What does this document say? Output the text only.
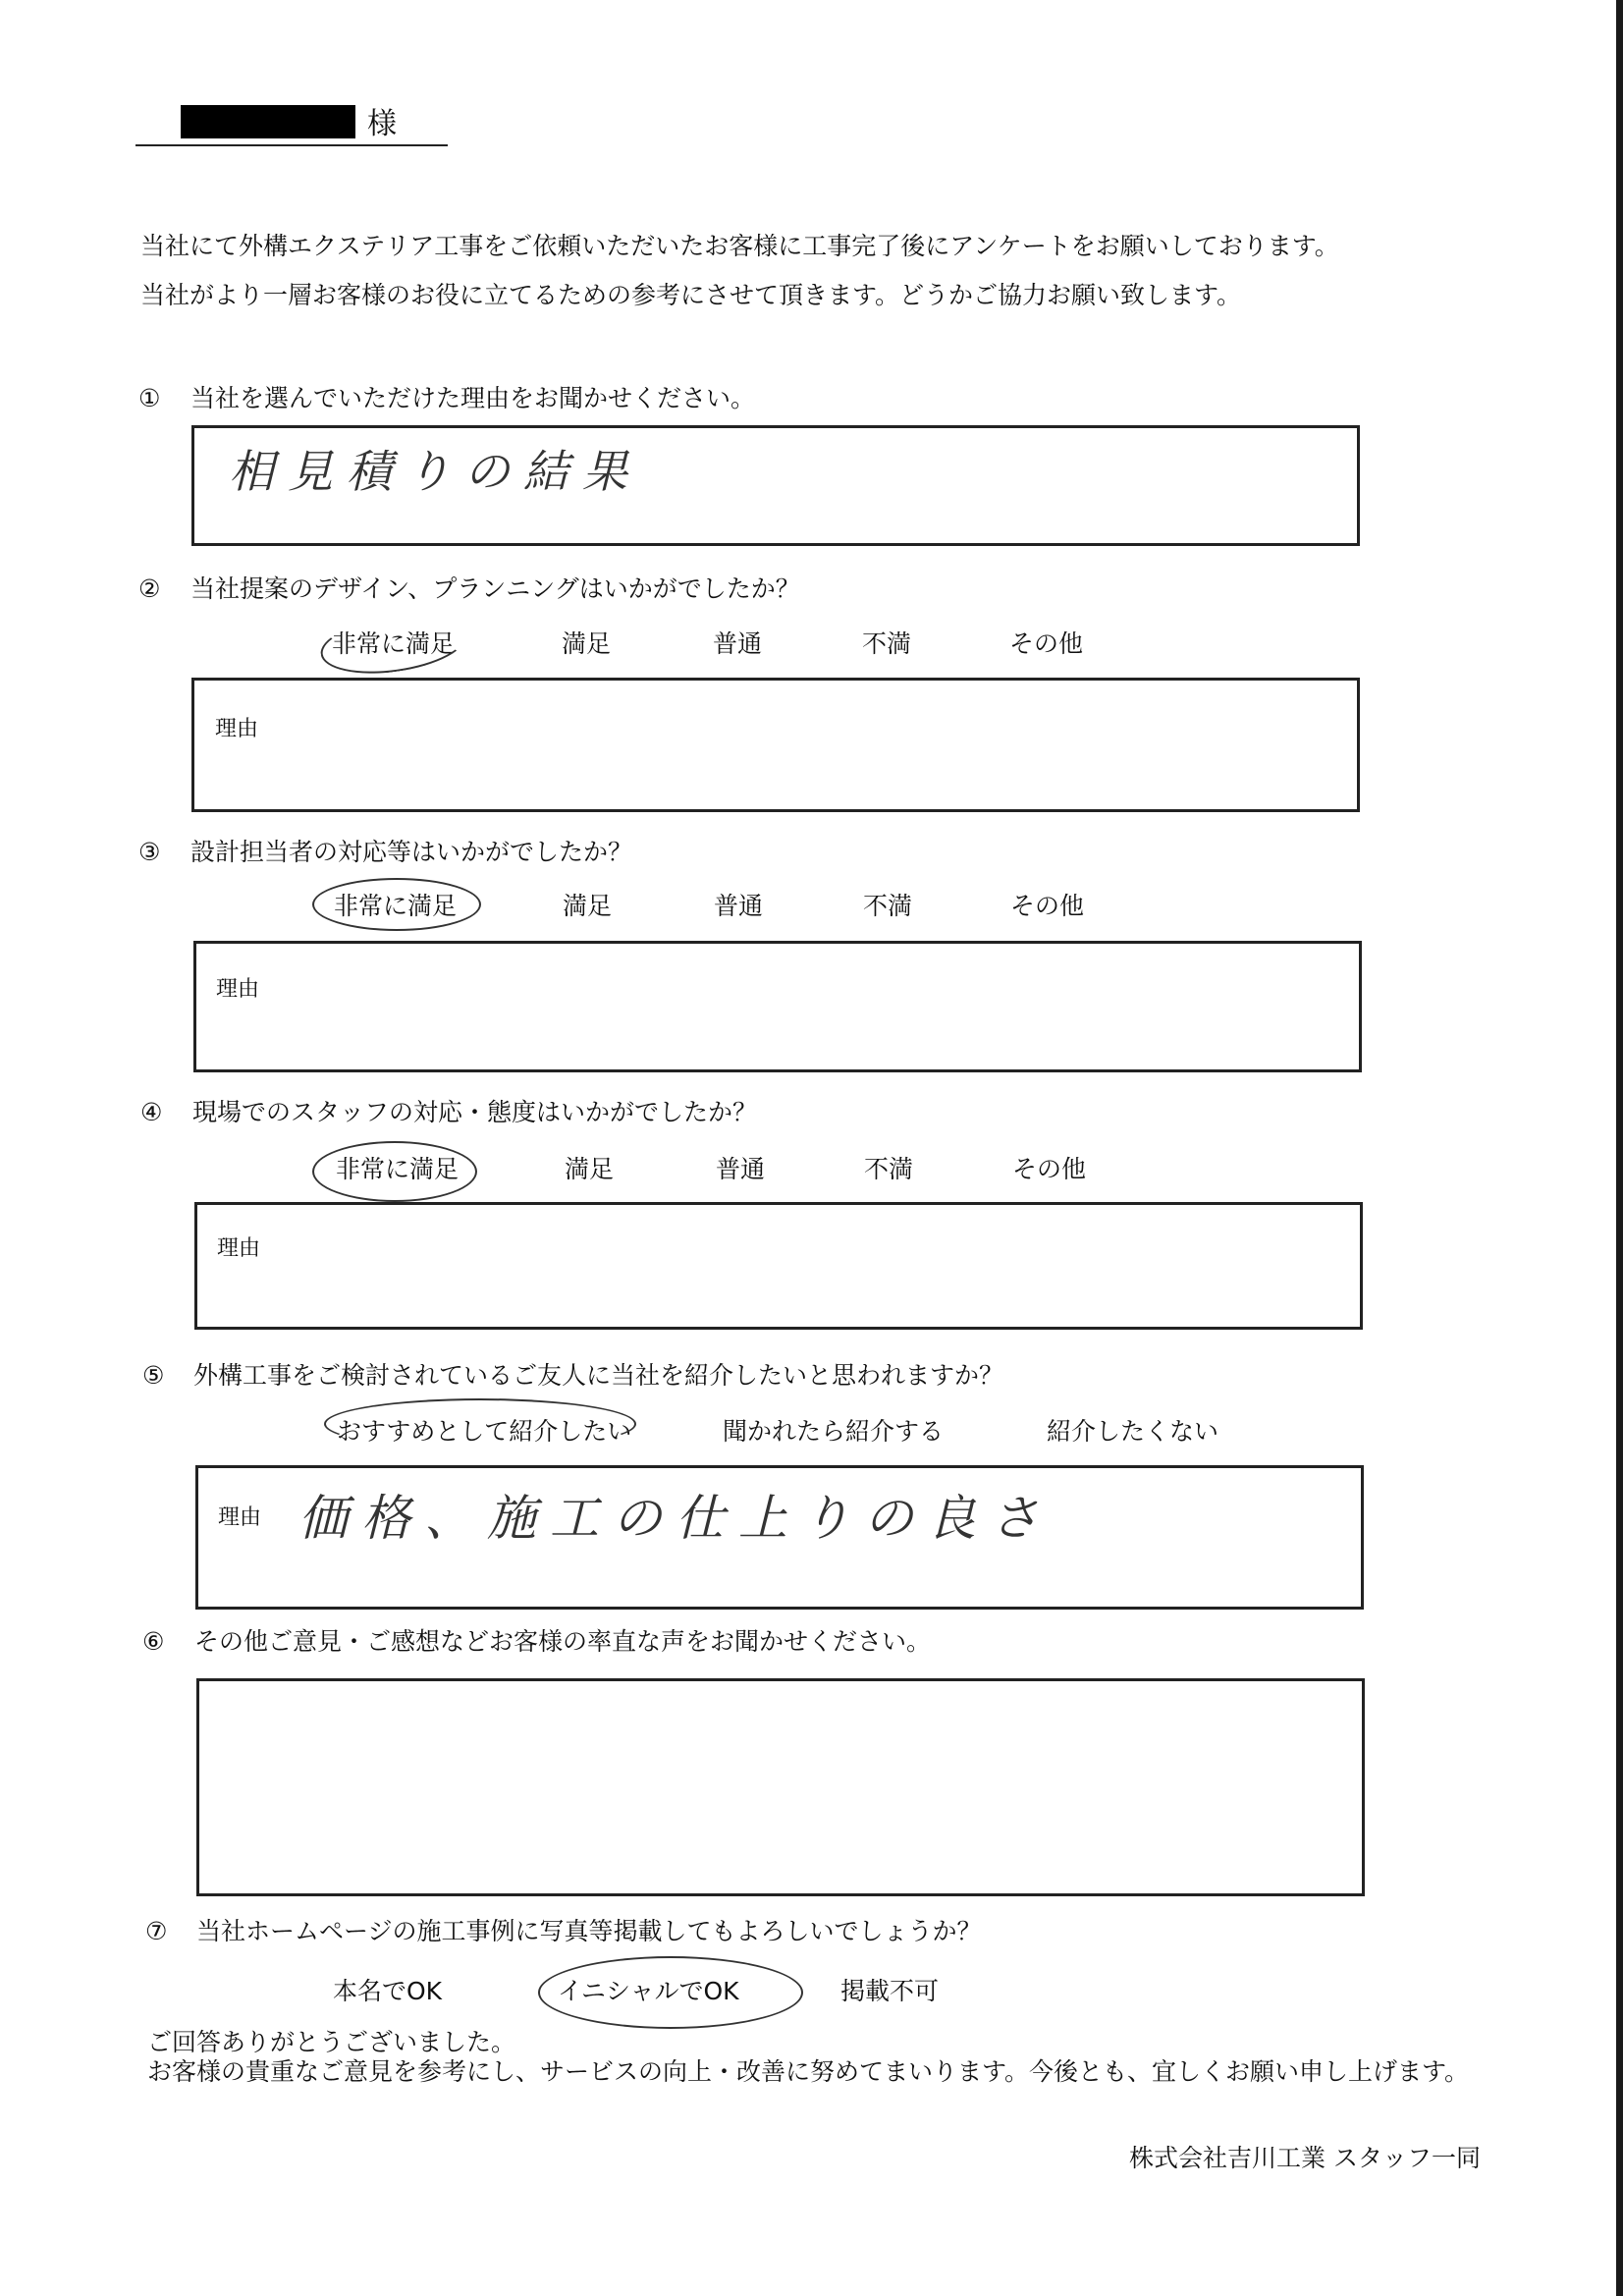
様
当社にて外構エクステリア工事をご依頼いただいたお客様に工事完了後にアンケートをお願いしております。
当社がより一層お客様のお役に立てるための参考にさせて頂きます。どうかご協力お願い致します。
① 当社を選んでいただけた理由をお聞かせください。
相見積りの結果
② 当社提案のデザイン、プランニングはいかがでしたか？
非常に満足	満足	普通	不満	その他
理由
③ 設計担当者の対応等はいかがでしたか？
非常に満足	満足	普通	不満	その他
理由
④ 現場でのスタッフの対応・態度はいかがでしたか？
非常に満足	満足	普通	不満	その他
理由
⑤ 外構工事をご検討されているご友人に当社を紹介したいと思われますか？
おすすめとして紹介したい	聞かれたら紹介する	紹介したくない
理由 価格、施工の仕上りの良さ
⑥ その他ご意見・ご感想などお客様の率直な声をお聞かせください。
⑦ 当社ホームページの施工事例に写真等掲載してもよろしいでしょうか？
本名でOK	イニシャルでOK	掲載不可
ご回答ありがとうございました。
お客様の貴重なご意見を参考にし、サービスの向上・改善に努めてまいります。今後とも、宜しくお願い申し上げます。
株式会社吉川工業 スタッフ一同
